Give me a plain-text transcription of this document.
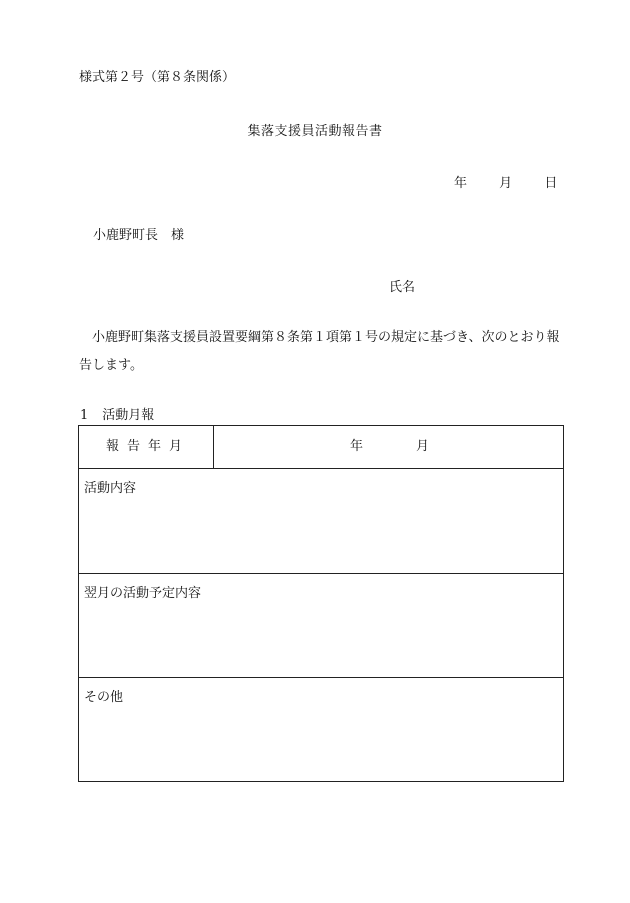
様式第２号（第８条関係）
集落支援員活動報告書
年 月 日
小鹿野町長 様
氏名
小鹿野町集落支援員設置要綱第８条第１項第１号の規定に基づき、次のとおり報告します。
1 活動月報
報告年月	年	月
活動内容
翌月の活動予定内容
その他
